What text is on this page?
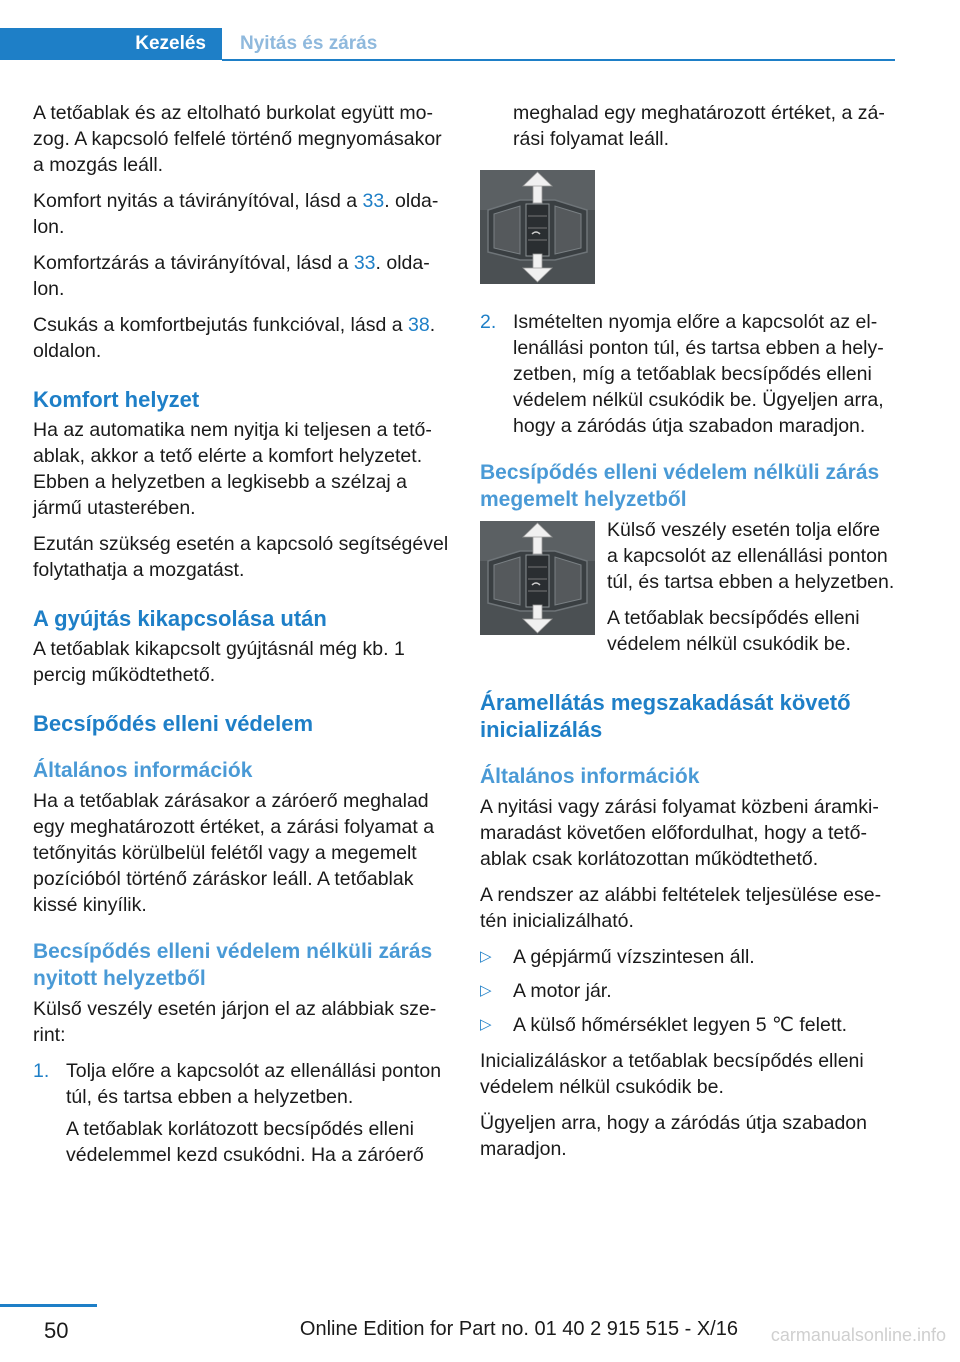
Kezelés Nyitás és zárás

A tetőablak és az eltolható burkolat együtt mozog. A kapcsoló felfelé történő megnyomásakor a mozgás leáll.

Komfort nyitás a távirányítóval, lásd a 33. oldalon.

Komfortzárás a távirányítóval, lásd a 33. oldalon.

Csukás a komfortbejutás funkcióval, lásd a 38. oldalon.

Komfort helyzet

Ha az automatika nem nyitja ki teljesen a tetőablak, akkor a tető elérte a komfort helyzetet. Ebben a helyzetben a legkisebb a szélzaj a jármű utasterében.

Ezután szükség esetén a kapcsoló segítségével folytathatja a mozgatást.

A gyújtás kikapcsolása után

A tetőablak kikapcsolt gyújtásnál még kb. 1 percig működtethető.

Becsípődés elleni védelem
Általános információk

Ha a tetőablak zárásakor a záróerő meghalad egy meghatározott értéket, a zárási folyamat a tetőnyitás körülbelül felétől vagy a megemelt pozícióból történő záráskor leáll. A tetőablak kissé kinyílik.

Becsípődés elleni védelem nélküli zárás nyitott helyzetből

Külső veszély esetén járjon el az alábbiak szerint:

1. Tolja előre a kapcsolót az ellenállási ponton túl, és tartsa ebben a helyzetben.
A tetőablak korlátozott becsípődés elleni védelemmel kezd csukódni. Ha a záróerő
meghalad egy meghatározott értéket, a zárási folyamat leáll.
2. Ismételten nyomja előre a kapcsolót az ellenállási ponton túl, és tartsa ebben a helyzetben, míg a tetőablak becsípődés elleni védelem nélkül csukódik be. Ügyeljen arra, hogy a záródás útja szabadon maradjon.
Becsípődés elleni védelem nélküli zárás megemelt helyzetből

Külső veszély esetén tolja előre a kapcsolót az ellenállási ponton túl, és tartsa ebben a helyzetben.

A tetőablak becsípődés elleni védelem nélkül csukódik be.

Áramellátás megszakadását követő inicializálás
Általános információk

A nyitási vagy zárási folyamat közbeni áramkimaradást követően előfordulhat, hogy a tetőablak csak korlátozottan működtethető.

A rendszer az alábbi feltételek teljesülése esetén inicializálható.

▷ A gépjármű vízszintesen áll.
▷ A motor jár.
▷ A külső hőmérséklet legyen 5 ℃ felett.

Inicializáláskor a tetőablak becsípődés elleni védelem nélkül csukódik be.

Ügyeljen arra, hogy a záródás útja szabadon maradjon.

50	Online Edition for Part no. 01 40 2 915 515 - X/16 carmanualsonline.info
